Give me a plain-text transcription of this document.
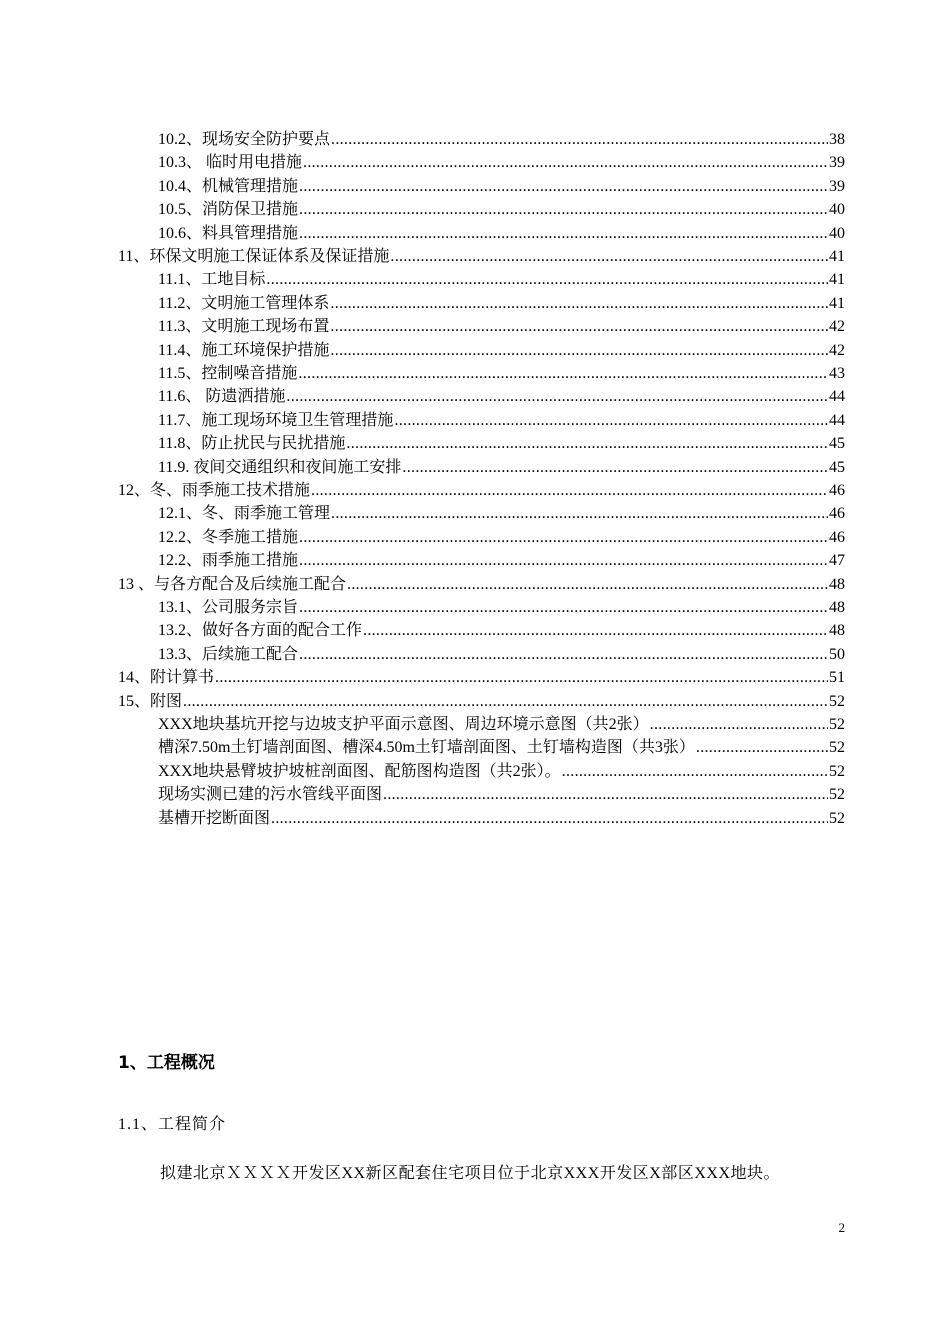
10.2、现场安全防护要点 .....	38
10.3、 临时用电措施 .....	39
10.4、机械管理措施 .....	39
10.5、消防保卫措施 .....	40
10.6、料具管理措施 .....	40
11、环保文明施工保证体系及保证措施 .....	41
11.1、工地目标 .....	41
11.2、文明施工管理体系 .....	41
11.3、文明施工现场布置 .....	42
11.4、施工环境保护措施 .....	42
11.5、控制噪音措施 .....	43
11.6、 防遗洒措施 .....	44
11.7、施工现场环境卫生管理措施 .....	44
11.8、防止扰民与民扰措施 .....	45
11.9. 夜间交通组织和夜间施工安排 .....	45
12、冬、雨季施工技术措施 .....	46
12.1、冬、雨季施工管理 .....	46
12.2、冬季施工措施 .....	46
12.2、雨季施工措施 .....	47
13 、与各方配合及后续施工配合 .....	48
13.1、公司服务宗旨 .....	48
13.2、做好各方面的配合工作 .....	48
13.3、后续施工配合 .....	50
14、附计算书 .....	51
15、附图 .....	52
XXX地块基坑开挖与边坡支护平面示意图、周边环境示意图（共2张） .....	52
槽深7.50m土钉墙剖面图、槽深4.50m土钉墙剖面图、土钉墙构造图（共3张） .....	52
XXX地块悬臂坡护坡桩剖面图、配筋图构造图（共2张）。 .....	52
现场实测已建的污水管线平面图 .....	52
基槽开挖断面图 .....	52
1、工程概况
1.1、工程简介
拟建北京ＸＸＸＸ开发区XX新区配套住宅项目位于北京XXX开发区X部区XXX地块。
2
